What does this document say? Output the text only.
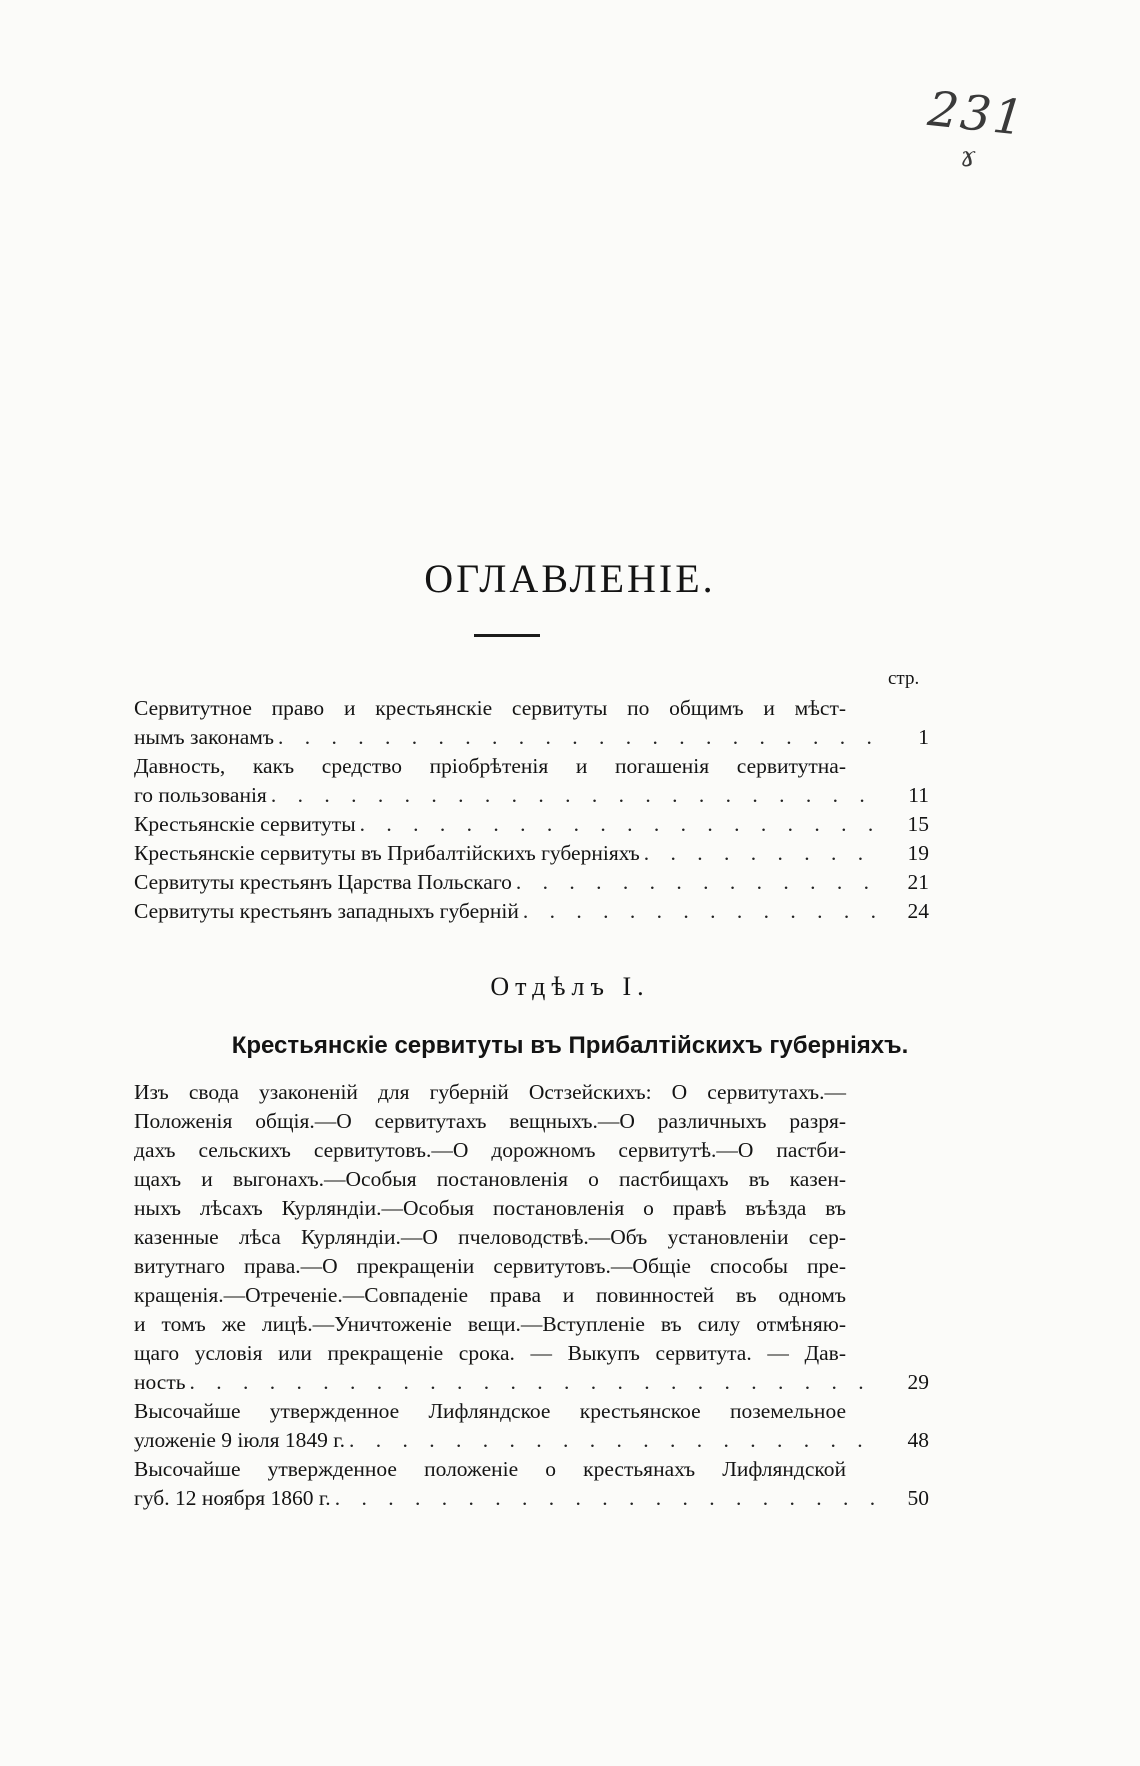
231
ɤ
ОГЛАВЛЕНІЕ.
стр.
Сервитутное право и крестьянскіе сервитуты по общимъ и мѣст-
нымъ законамъ . . .	1
Давность, какъ средство пріобрѣтенія и погашенія сервитутна-
го пользованія . . .	11
Крестьянскіе сервитуты . . .	15
Крестьянскіе сервитуты въ Прибалтійскихъ губерніяхъ . . .	19
Сервитуты крестьянъ Царства Польскаго . . .	21
Сервитуты крестьянъ западныхъ губерній . . .	24
Отдѣлъ I.
Крестьянскіе сервитуты въ Прибалтійскихъ губерніяхъ.
Изъ свода узаконеній для губерній Остзейскихъ: О сервитутахъ.—
Положенія общія.—О сервитутахъ вещныхъ.—О различныхъ разря-
дахъ сельскихъ сервитутовъ.—О дорожномъ сервитутѣ.—О пастби-
щахъ и выгонахъ.—Особыя постановленія о пастбищахъ въ казен-
ныхъ лѣсахъ Курляндіи.—Особыя постановленія о правѣ въѣзда въ
казенные лѣса Курляндіи.—О пчеловодствѣ.—Объ установленіи сер-
витутнаго права.—О прекращеніи сервитутовъ.—Общіе способы пре-
кращенія.—Отреченіе.—Совпаденіе права и повинностей въ одномъ
и томъ же лицѣ.—Уничтоженіе вещи.—Вступленіе въ силу отмѣняю-
щаго условія или прекращеніе срока. — Выкупъ сервитута. — Дав-
ность . . .	29
Высочайше утвержденное Лифляндское крестьянское поземельное
уложеніе 9 іюля 1849 г. . . .	48
Высочайше утвержденное положеніе о крестьянахъ Лифляндской
губ. 12 ноября 1860 г. . . .	50
